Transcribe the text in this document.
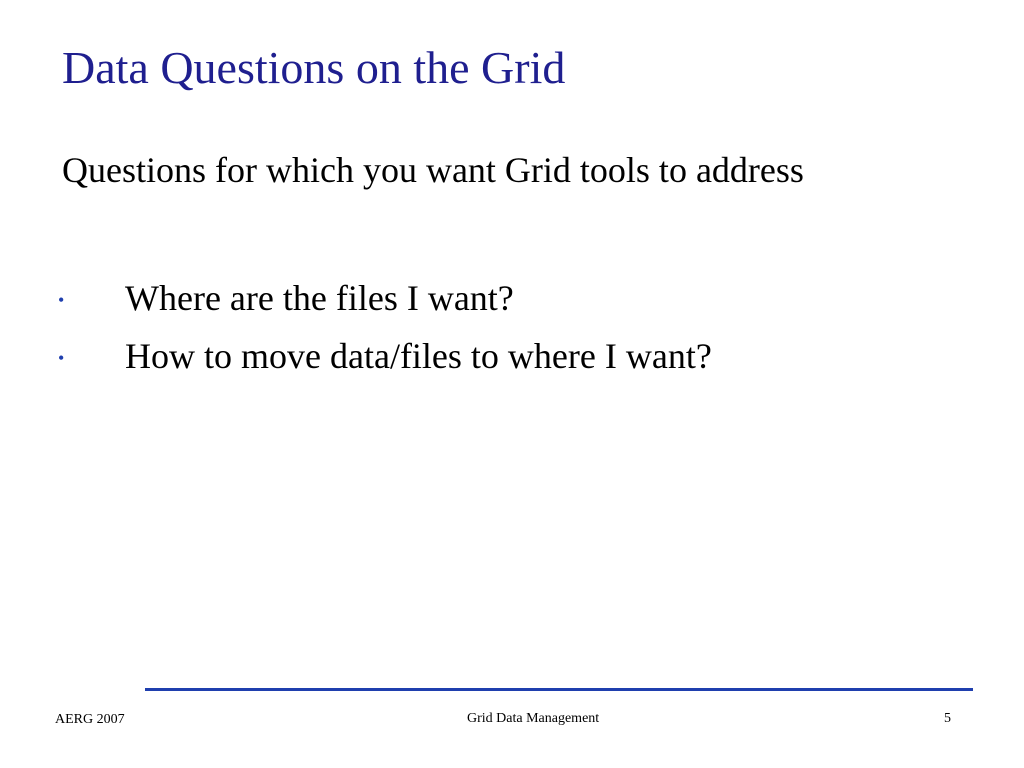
Data Questions on the Grid
Questions for which you want Grid tools to address
• Where are the files I want?
• How to move data/files to where I want?
AERG 2007	Grid Data Management	5
